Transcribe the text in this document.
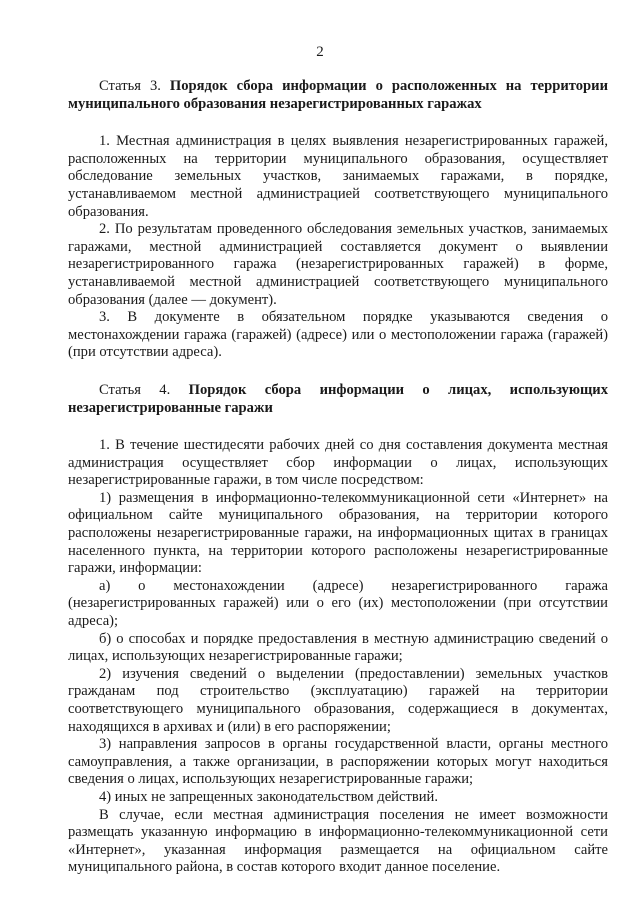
2

Статья 3. Порядок сбора информации о расположенных на территории муниципального образования незарегистрированных гаражах

1. Местная администрация в целях выявления незарегистрированных гаражей, расположенных на территории муниципального образования, осуществляет обследование земельных участков, занимаемых гаражами, в порядке, устанавливаемом местной администрацией соответствующего муниципального образования.

2. По результатам проведенного обследования земельных участков, занимаемых гаражами, местной администрацией составляется документ о выявлении незарегистрированного гаража (незарегистрированных гаражей) в форме, устанавливаемой местной администрацией соответствующего муниципального образования (далее — документ).

3. В документе в обязательном порядке указываются сведения о местонахождении гаража (гаражей) (адресе) или о местоположении гаража (гаражей) (при отсутствии адреса).

Статья 4. Порядок сбора информации о лицах, использующих незарегистрированные гаражи

1. В течение шестидесяти рабочих дней со дня составления документа местная администрация осуществляет сбор информации о лицах, использующих незарегистрированные гаражи, в том числе посредством:

1) размещения в информационно-телекоммуникационной сети «Интернет» на официальном сайте муниципального образования, на территории которого расположены незарегистрированные гаражи, на информационных щитах в границах населенного пункта, на территории которого расположены незарегистрированные гаражи, информации:

а) о местонахождении (адресе) незарегистрированного гаража (незарегистрированных гаражей) или о его (их) местоположении (при отсутствии адреса);

б) о способах и порядке предоставления в местную администрацию сведений о лицах, использующих незарегистрированные гаражи;

2) изучения сведений о выделении (предоставлении) земельных участков гражданам под строительство (эксплуатацию) гаражей на территории соответствующего муниципального образования, содержащиеся в документах, находящихся в архивах и (или) в его распоряжении;

3) направления запросов в органы государственной власти, органы местного самоуправления, а также организации, в распоряжении которых могут находиться сведения о лицах, использующих незарегистрированные гаражи;

4) иных не запрещенных законодательством действий.

В случае, если местная администрация поселения не имеет возможности размещать указанную информацию в информационно-телекоммуникационной сети «Интернет», указанная информация размещается на официальном сайте муниципального района, в состав которого входит данное поселение.
